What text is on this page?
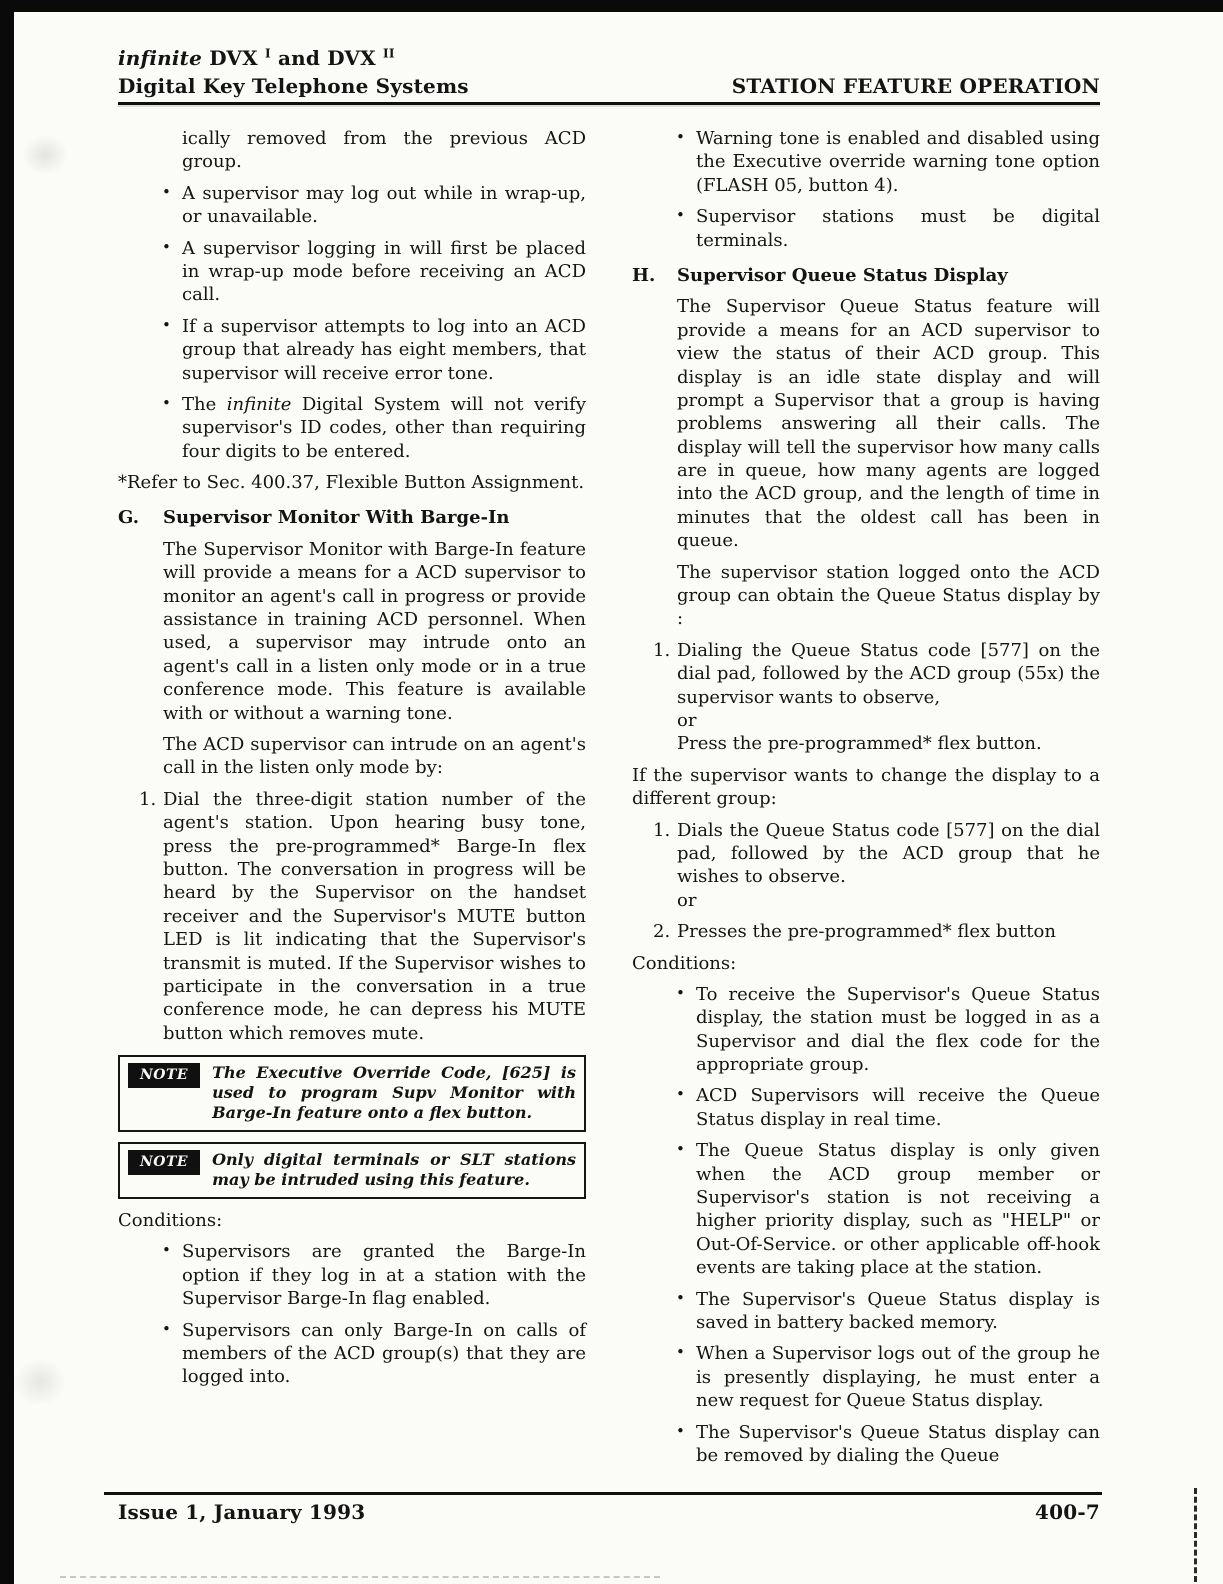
infinite DVX $^I$ and DVX $^{II}$
Digital Key Telephone Systems	STATION FEATURE OPERATION
ically removed from the previous ACD group.
• A supervisor may log out while in wrap-up, or unavailable.
• A supervisor logging in will first be placed in wrap-up mode before receiving an ACD call.
• If a supervisor attempts to log into an ACD group that already has eight members, that supervisor will receive error tone.
• The infinite Digital System will not verify supervisor's ID codes, other than requiring four digits to be entered.
*Refer to Sec. 400.37, Flexible Button Assignment.
G.	Supervisor Monitor With Barge-In
The Supervisor Monitor with Barge-In feature will provide a means for a ACD supervisor to monitor an agent's call in progress or provide assistance in training ACD personnel. When used, a supervisor may intrude onto an agent's call in a listen only mode or in a true conference mode. This feature is available with or without a warning tone.
The ACD supervisor can intrude on an agent's call in the listen only mode by:
1. Dial the three-digit station number of the agent's station. Upon hearing busy tone, press the pre-programmed* Barge-In flex button. The conversation in progress will be heard by the Supervisor on the handset receiver and the Supervisor's MUTE button LED is lit indicating that the Supervisor's transmit is muted. If the Supervisor wishes to participate in the conversation in a true conference mode, he can depress his MUTE button which removes mute.
NOTE	The Executive Override Code, [625] is used to program Supv Monitor with Barge-In feature onto a flex button.
NOTE	Only digital terminals or SLT stations may be intruded using this feature.
Conditions:
• Supervisors are granted the Barge-In option if they log in at a station with the Supervisor Barge-In flag enabled.
• Supervisors can only Barge-In on calls of members of the ACD group(s) that they are logged into.
• Warning tone is enabled and disabled using the Executive override warning tone option (FLASH 05, button 4).
• Supervisor stations must be digital terminals.
H.	Supervisor Queue Status Display
The Supervisor Queue Status feature will provide a means for an ACD supervisor to view the status of their ACD group. This display is an idle state display and will prompt a Supervisor that a group is having problems answering all their calls. The display will tell the supervisor how many calls are in queue, how many agents are logged into the ACD group, and the length of time in minutes that the oldest call has been in queue.
The supervisor station logged onto the ACD group can obtain the Queue Status display by :
1. Dialing the Queue Status code [577] on the dial pad, followed by the ACD group (55x) the supervisor wants to observe,
or
Press the pre-programmed* flex button.
If the supervisor wants to change the display to a different group:
1. Dials the Queue Status code [577] on the dial pad, followed by the ACD group that he wishes to observe.
or
2. Presses the pre-programmed* flex button
Conditions:
• To receive the Supervisor's Queue Status display, the station must be logged in as a Supervisor and dial the flex code for the appropriate group.
• ACD Supervisors will receive the Queue Status display in real time.
• The Queue Status display is only given when the ACD group member or Supervisor's station is not receiving a higher priority display, such as "HELP" or Out-Of-Service. or other applicable off-hook events are taking place at the station.
• The Supervisor's Queue Status display is saved in battery backed memory.
• When a Supervisor logs out of the group he is presently displaying, he must enter a new request for Queue Status display.
• The Supervisor's Queue Status display can be removed by dialing the Queue
Issue 1, January 1993	400-7
